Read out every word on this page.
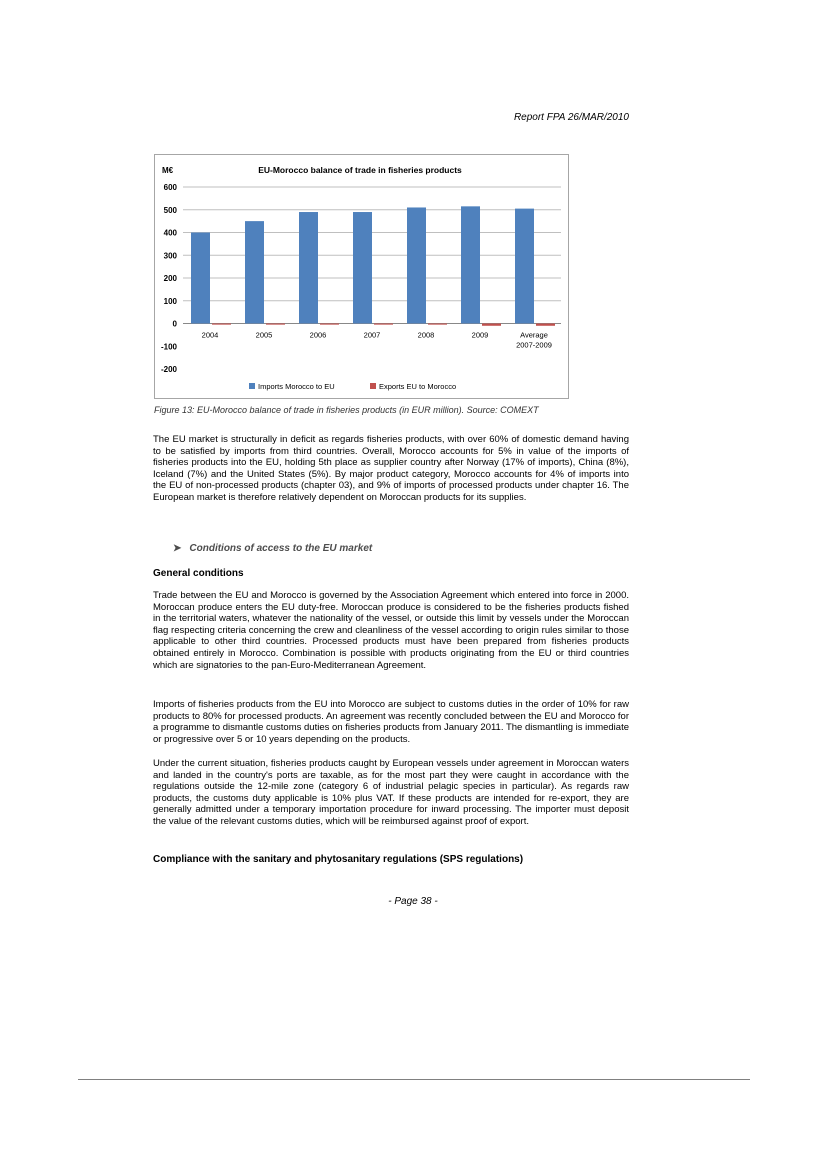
Report FPA 26/MAR/2010
600
500
400
300
200
100
0
‐100
‐200
2004	2005	2006	2007	2008	2009	Average 2007-2009
M€	EU-Morocco balance of trade in fisheries products
Imports Morocco to EU	Exports EU to Morocco
Figure 13: EU-Morocco balance of trade in fisheries products (in EUR million). Source: COMEXT

The EU market is structurally in deficit as regards fisheries products, with over 60% of domestic demand having to be satisfied by imports from third countries. Overall, Morocco accounts for 5% in value of the imports of fisheries products into the EU, holding 5th place as supplier country after Norway (17% of imports), China (8%), Iceland (7%) and the United States (5%). By major product category, Morocco accounts for 4% of imports into the EU of non-processed products (chapter 03), and 9% of imports of processed products under chapter 16. The European market is therefore relatively dependent on Moroccan products for its supplies.

➤ Conditions of access to the EU market
General conditions

Trade between the EU and Morocco is governed by the Association Agreement which entered into force in 2000. Moroccan produce enters the EU duty-free. Moroccan produce is considered to be the fisheries products fished in the territorial waters, whatever the nationality of the vessel, or outside this limit by vessels under the Moroccan flag respecting criteria concerning the crew and cleanliness of the vessel according to origin rules similar to those applicable to other third countries. Processed products must have been prepared from fisheries products obtained entirely in Morocco. Combination is possible with products originating from the EU or third countries which are signatories to the pan-Euro-Mediterranean Agreement.

Imports of fisheries products from the EU into Morocco are subject to customs duties in the order of 10% for raw products to 80% for processed products. An agreement was recently concluded between the EU and Morocco for a programme to dismantle customs duties on fisheries products from January 2011. The dismantling is immediate or progressive over 5 or 10 years depending on the products.

Under the current situation, fisheries products caught by European vessels under agreement in Moroccan waters and landed in the country's ports are taxable, as for the most part they were caught in accordance with the regulations outside the 12-mile zone (category 6 of industrial pelagic species in particular). As regards raw products, the customs duty applicable is 10% plus VAT. If these products are intended for re-export, they are generally admitted under a temporary importation procedure for inward processing. The importer must deposit the value of the relevant customs duties, which will be reimbursed against proof of export.

Compliance with the sanitary and phytosanitary regulations (SPS regulations)
- Page 38 -
